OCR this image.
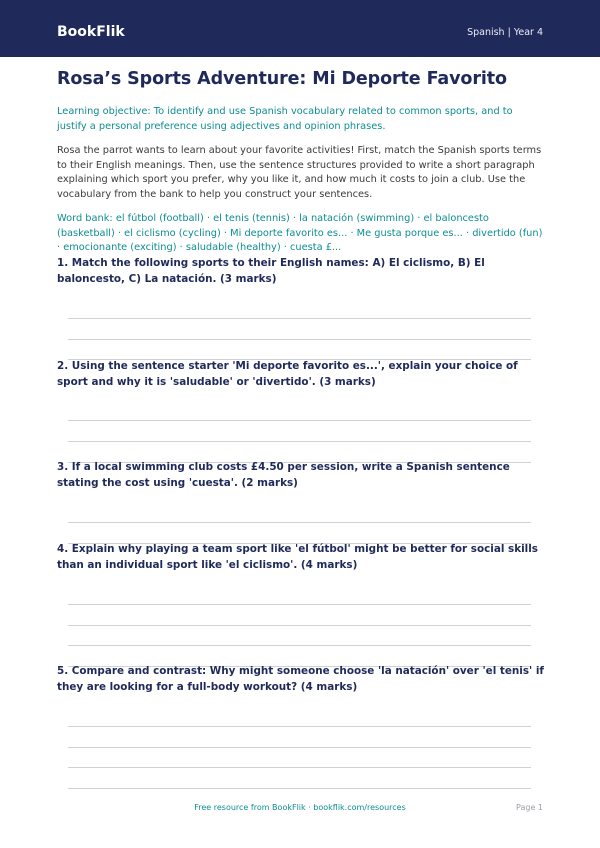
BookFlik	Spanish | Year 4
Rosa’s Sports Adventure: Mi Deporte Favorito

Learning objective: To identify and use Spanish vocabulary related to common sports, and to justify a personal preference using adjectives and opinion phrases.

Rosa the parrot wants to learn about your favorite activities! First, match the Spanish sports terms to their English meanings. Then, use the sentence structures provided to write a short paragraph explaining which sport you prefer, why you like it, and how much it costs to join a club. Use the vocabulary from the bank to help you construct your sentences.

Word bank: el fútbol (football) · el tenis (tennis) · la natación (swimming) · el baloncesto (basketball) · el ciclismo (cycling) · Mi deporte favorito es... · Me gusta porque es... · divertido (fun) · emocionante (exciting) · saludable (healthy) · cuesta £...

1. Match the following sports to their English names: A) El ciclismo, B) El baloncesto, C) La natación. (3 marks)

2. Using the sentence starter 'Mi deporte favorito es...', explain your choice of sport and why it is 'saludable' or 'divertido'. (3 marks)

3. If a local swimming club costs £4.50 per session, write a Spanish sentence stating the cost using 'cuesta'. (2 marks)

4. Explain why playing a team sport like 'el fútbol' might be better for social skills than an individual sport like 'el ciclismo'. (4 marks)

5. Compare and contrast: Why might someone choose 'la natación' over 'el tenis' if they are looking for a full-body workout? (4 marks)

Free resource from BookFlik · bookflik.com/resources	Page 1
